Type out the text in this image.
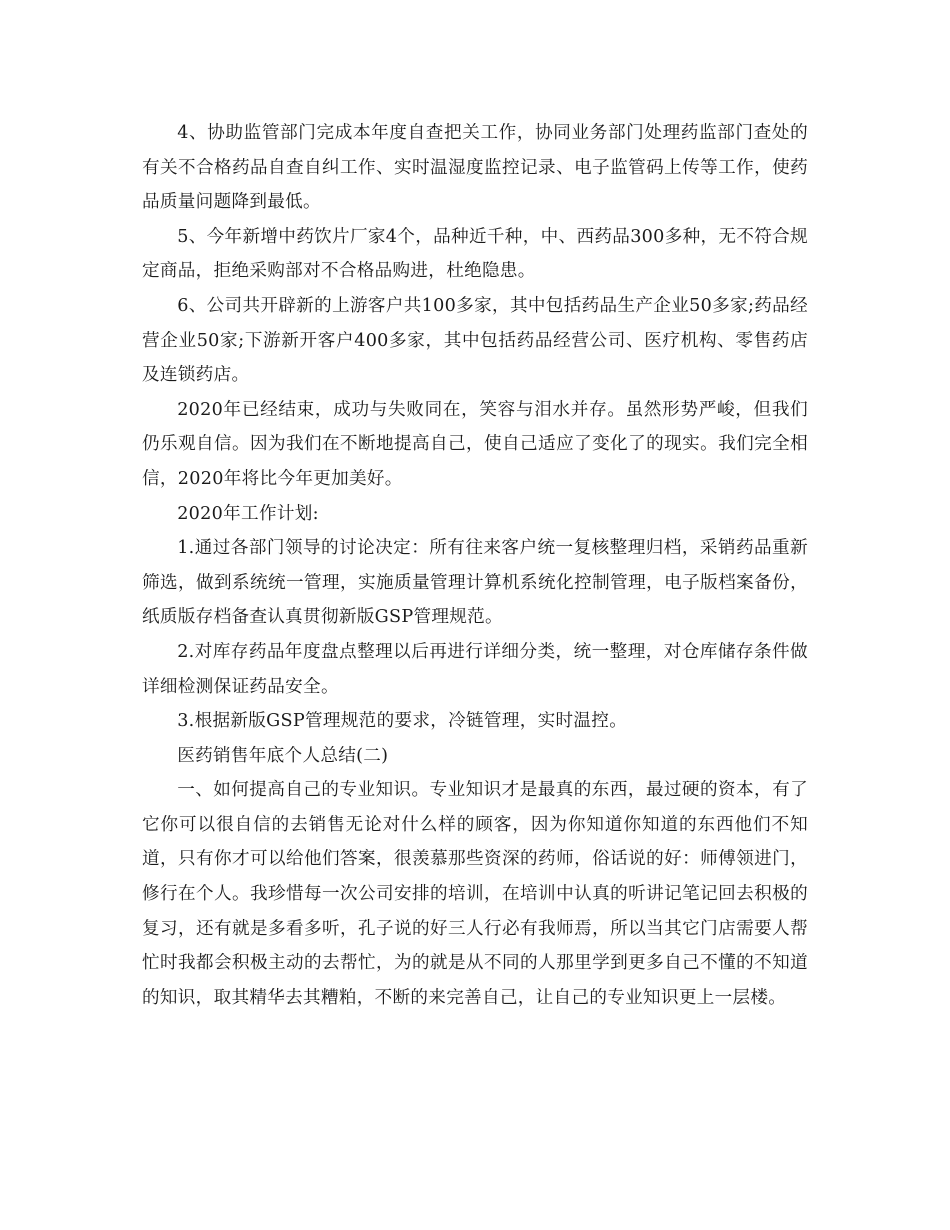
4、协助监管部门完成本年度自查把关工作，协同业务部门处理药监部门查处的有关不合格药品自查自纠工作、实时温湿度监控记录、电子监管码上传等工作，使药品质量问题降到最低。

5、今年新增中药饮片厂家4个，品种近千种，中、西药品300多种，无不符合规定商品，拒绝采购部对不合格品购进，杜绝隐患。

6、公司共开辟新的上游客户共100多家，其中包括药品生产企业50多家;药品经营企业50家;下游新开客户400多家，其中包括药品经营公司、医疗机构、零售药店及连锁药店。

2020年已经结束，成功与失败同在，笑容与泪水并存。虽然形势严峻，但我们仍乐观自信。因为我们在不断地提高自己，使自己适应了变化了的现实。我们完全相信，2020年将比今年更加美好。

2020年工作计划:

1.通过各部门领导的讨论决定：所有往来客户统一复核整理归档，采销药品重新筛选，做到系统统一管理，实施质量管理计算机系统化控制管理，电子版档案备份，纸质版存档备查认真贯彻新版GSP管理规范。

2.对库存药品年度盘点整理以后再进行详细分类，统一整理，对仓库储存条件做详细检测保证药品安全。

3.根据新版GSP管理规范的要求，冷链管理，实时温控。

医药销售年底个人总结(二)

一、如何提高自己的专业知识。专业知识才是最真的东西，最过硬的资本，有了它你可以很自信的去销售无论对什么样的顾客，因为你知道你知道的东西他们不知道，只有你才可以给他们答案，很羡慕那些资深的药师，俗话说的好：师傅领进门，修行在个人。我珍惜每一次公司安排的培训，在培训中认真的听讲记笔记回去积极的复习，还有就是多看多听，孔子说的好三人行必有我师焉，所以当其它门店需要人帮忙时我都会积极主动的去帮忙，为的就是从不同的人那里学到更多自己不懂的不知道的知识，取其精华去其糟粕，不断的来完善自己，让自己的专业知识更上一层楼。
